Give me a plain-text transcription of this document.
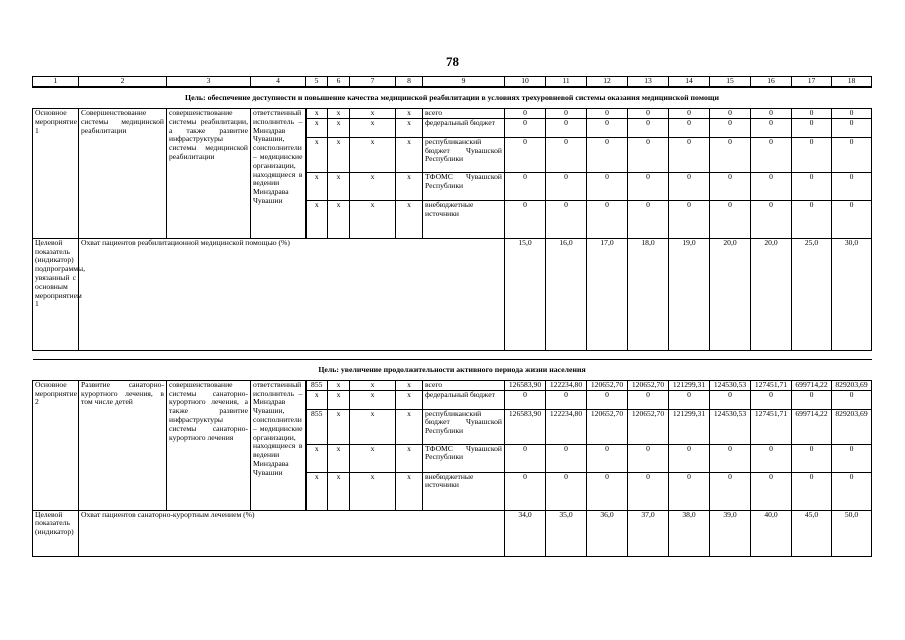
78
1	2	3	4	5	6	7	8	9	10	11	12	13	14	15	16	17	18
Цель: обеспечение доступности и повышение качества медицинской реабилитации в условиях трехуровневой системы оказания медицинской помощи																	
Основное мероприятие 1	Совершенствование системы медицинской реабилитации	совершенствование системы реабилитации, а также развитие инфраструктуры системы медицинской реабилитации	ответственный исполнитель – Минздрав Чувашии, соисполнители – медицинские организации, находящиеся в ведении Минздрава Чувашии	x	x	x	x	всего	0	0	0	0	0	0	0	0	0
				x	x	x	x	федеральный бюджет	0	0	0	0	0	0	0	0	0
				x	x	x	x	республиканский бюджет Чувашской Республики	0	0	0	0	0	0	0	0	0
				x	x	x	x	ТФОМС Чувашской Республики	0	0	0	0	0	0	0	0	0
				x	x	x	x	внебюджетные источники	0	0	0	0	0	0	0	0	0
Целевой показатель (индикатор) подпрограммы, увязанный с основным мероприятием 1	Охват пациентов реабилитационной медицинской помощью (%)								15,0	16,0	17,0	18,0	19,0	20,0	20,0	25,0	30,0

Цель: увеличение продолжительности активного периода жизни населения																	
Основное мероприятие 2	Развитие санаторно-курортного лечения, в том числе детей	совершенствование системы санаторно-курортного лечения, а также развитие инфраструктуры системы санаторно-курортного лечения	ответственный исполнитель – Минздрав Чувашии, соисполнители – медицинские организации, находящиеся в ведении Минздрава Чувашии	855	x	x	x	всего	126583,90	122234,80	120652,70	120652,70	121299,31	124530,53	127451,71	699714,22	829203,69
				x	x	x	x	федеральный бюджет	0	0	0	0	0	0	0	0	0
				855	x	x	x	республиканский бюджет Чувашской Республики	126583,90	122234,80	120652,70	120652,70	121299,31	124530,53	127451,71	699714,22	829203,69
				x	x	x	x	ТФОМС Чувашской Республики	0	0	0	0	0	0	0	0	0
				x	x	x	x	внебюджетные источники	0	0	0	0	0	0	0	0	0
Целевой показатель (индикатор)	Охват пациентов санаторно-курортным лечением (%)								34,0	35,0	36,0	37,0	38,0	39,0	40,0	45,0	50,0
